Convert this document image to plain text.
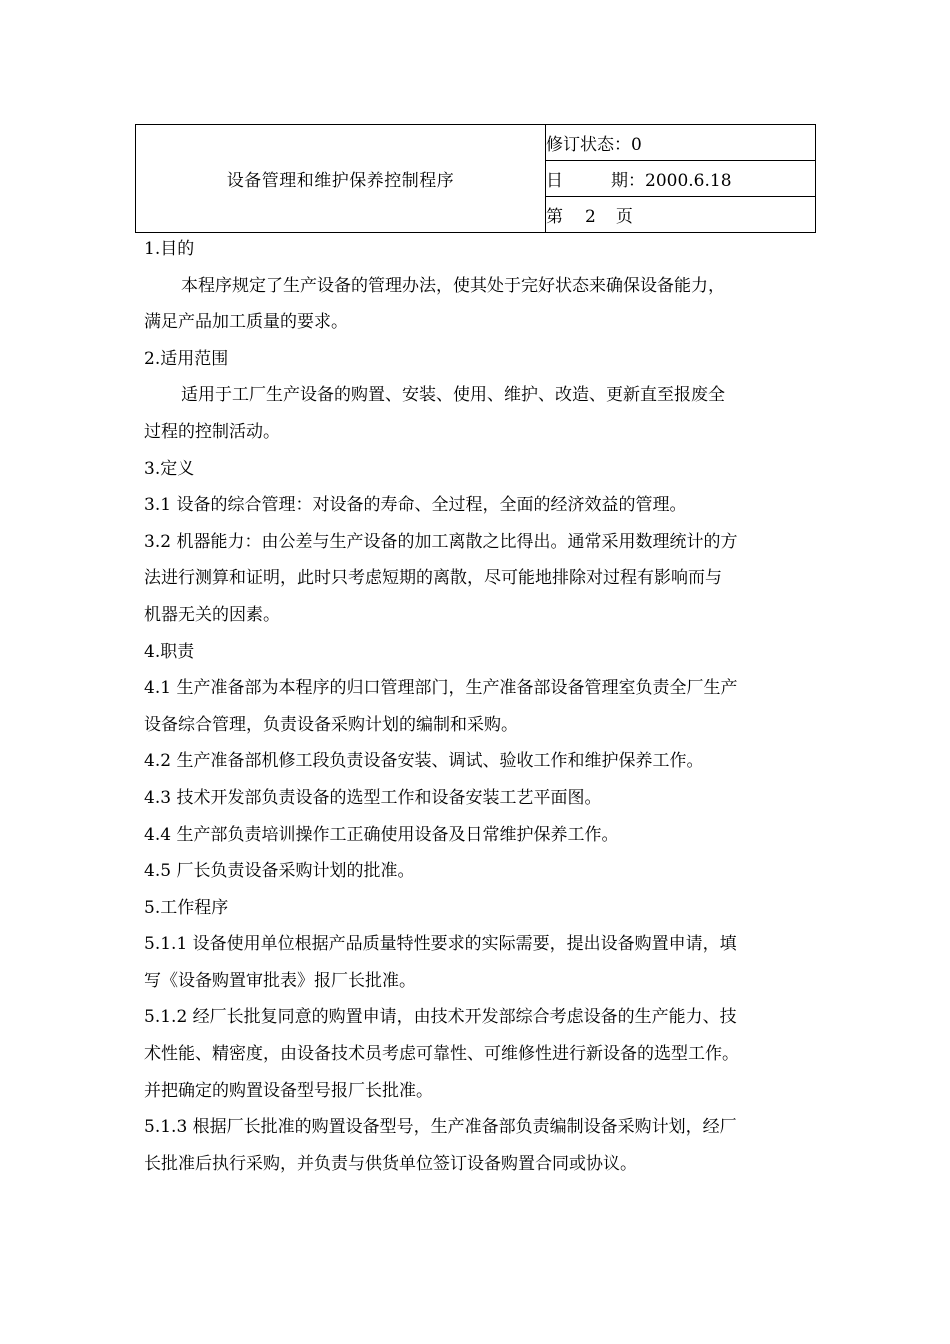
设备管理和维护保养控制程序	修订状态：0
日	期：2000.6.18
第 2 页
1.目的
本程序规定了生产设备的管理办法，使其处于完好状态来确保设备能力，
满足产品加工质量的要求。
2.适用范围
适用于工厂生产设备的购置、安装、使用、维护、改造、更新直至报废全
过程的控制活动。
3.定义
3.1 设备的综合管理：对设备的寿命、全过程，全面的经济效益的管理。
3.2 机器能力：由公差与生产设备的加工离散之比得出。通常采用数理统计的方
法进行测算和证明，此时只考虑短期的离散，尽可能地排除对过程有影响而与
机器无关的因素。
4.职责
4.1 生产准备部为本程序的归口管理部门，生产准备部设备管理室负责全厂生产
设备综合管理，负责设备采购计划的编制和采购。
4.2 生产准备部机修工段负责设备安装、调试、验收工作和维护保养工作。
4.3 技术开发部负责设备的选型工作和设备安装工艺平面图。
4.4 生产部负责培训操作工正确使用设备及日常维护保养工作。
4.5 厂长负责设备采购计划的批准。
5.工作程序
5.1.1 设备使用单位根据产品质量特性要求的实际需要，提出设备购置申请，填
写《设备购置审批表》报厂长批准。
5.1.2 经厂长批复同意的购置申请，由技术开发部综合考虑设备的生产能力、技
术性能、精密度，由设备技术员考虑可靠性、可维修性进行新设备的选型工作。
并把确定的购置设备型号报厂长批准。
5.1.3 根据厂长批准的购置设备型号，生产准备部负责编制设备采购计划，经厂
长批准后执行采购，并负责与供货单位签订设备购置合同或协议。
